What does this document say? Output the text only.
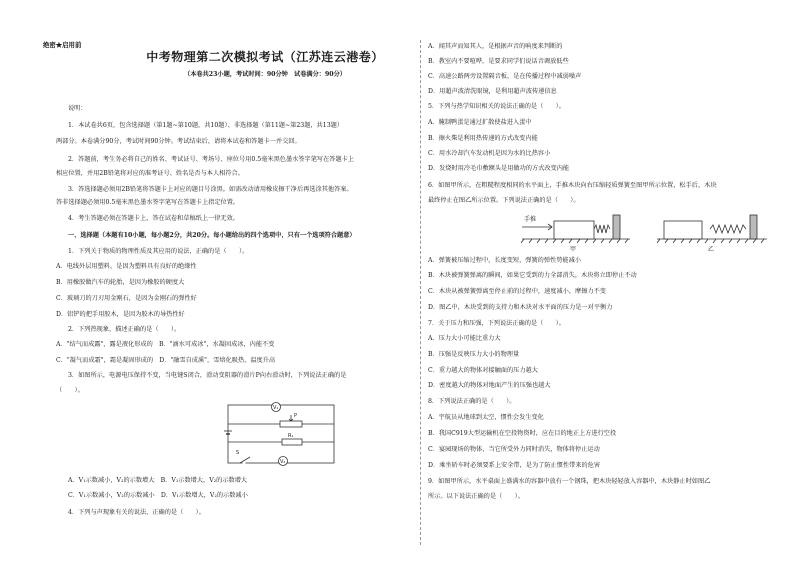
绝密★启用前
中考物理第二次模拟考试（江苏连云港卷）
（本卷共23小题，考试时间：90分钟　试卷满分：90分）
说明：
1．本试卷共6页，包含选择题（第1题~第10题，共10题）、非选择题（第11题~第23题，共13题）
两部分。本卷满分90分，考试时间90分钟。考试结束后，请将本试卷和答题卡一并交回。
2．答题前，考生务必将自己的姓名、考试证号、考场号、座位号用0.5毫米黑色墨水签字笔写在答题卡上
相应位置，并用2B铅笔将对应的准考证号、姓名是否与本人相符合。
3．答选择题必须用2B铅笔将答题卡上对应的题目号涂黑。如需改动请用橡皮擦干净后再选涂其他答案。
答非选择题必须用0.5毫米黑色墨水签字笔写在答题卡上指定位置。
4．考生答题必须在答题卡上，答在试卷和草稿纸上一律无效。
一、选择题（本题有10小题，每小题2分，共20分。每小题给出的四个选项中，只有一个选项符合题意）
1．下列关于物质的物理性质及其应用的说法，正确的是（　　）。
A．电线外层用塑料，是因为塑料具有良好的绝缘性
B．用橡胶做汽车的轮胎，是因为橡胶的硬度大
C．玻璃刀的刀刃用金刚石，是因为金刚石的弹性好
D．铝铲的把手用胶木，是因为胶木的导热性好
2．下列热现象，描述正确的是（　　）。
A．"结气而成露"，露是液化形成的　B．"滴水可成冰"，水凝固成冰，内能不变
C．"凝气而成霜"，霜是凝固形成的　D．"融雪自成溪"，雪熔化吸热，温度升高
3．如图所示，电源电压保持不变，当电键S闭合，滑动变阻器的滑片P向右滑动时，下列说法正确的是
（　　）。
V₁
V₂
R₁
P
S
A．V₁示数减小，V₂的示数增大　B．V₁示数增大，V₂的示数增大
C．V₁示数减小，V₂的示数减小　D．V₁示数增大，V₂的示数减小
4．下列与声现象有关的说法，正确的是（　　）。
A．闻其声而知其人，是根据声音的响度来判断的
B．教室内不要喧哗，是要求同学们说话音调放低些
C．高速公路两旁设置隔音板，是在传播过程中减弱噪声
D．用超声波清洗眼镜，是利用超声波传递信息
5．下列与热学知识相关的说法正确的是（　　）。
A．腌制鸭蛋是通过扩散使盐进入蛋中
B．擦火柴是利用热传递的方式改变内能
C．用水冷却汽车发动机是因为水的比热容小
D．发烧时用冷毛巾敷额头是用做功的方式改变内能
6．如图甲所示，在粗糙程度相同的水平面上，手推木块向右压缩轻质弹簧至图甲所示位置，松手后，木块
最终停止在图乙所示位置。下列说法正确的是（　　）。
手推
甲	乙
A．弹簧被压缩过程中，长度变短，弹簧的弹性势能减小
B．木块被弹簧弹离的瞬间，如果它受到的力全部消失，木块将立即停止不动
C．木块从被弹簧弹离至停止前的过程中，速度减小，摩擦力不变
D．图乙中，木块受到的支持力和木块对水平面的压力是一对平衡力
7．关于压力和压强，下列说法正确的是（　　）。
A．压力大小可能比重力大
B．压强是反映压力大小的物理量
C．重力越大的物体对接触面的压力越大
D．密度越大的物体对地面产生的压强也越大
8．下列说法正确的是（　　）。
A．宇航员从地球到太空，惯性会发生变化
B．我国C919大型运输机在空投物资时，应在目的地正上方进行空投
C．宴园现场的物体，当它所受外力同时消失，物体将停止运动
D．乘坐轿车时必须要系上安全带，是为了防止惯性带来的危害
9．如图甲所示，水平桌面上盛满水的容器中放有一个钢珠，把木块轻轻放入容器中，木块静止时如图乙
所示。以下说法正确的是（　　）。
